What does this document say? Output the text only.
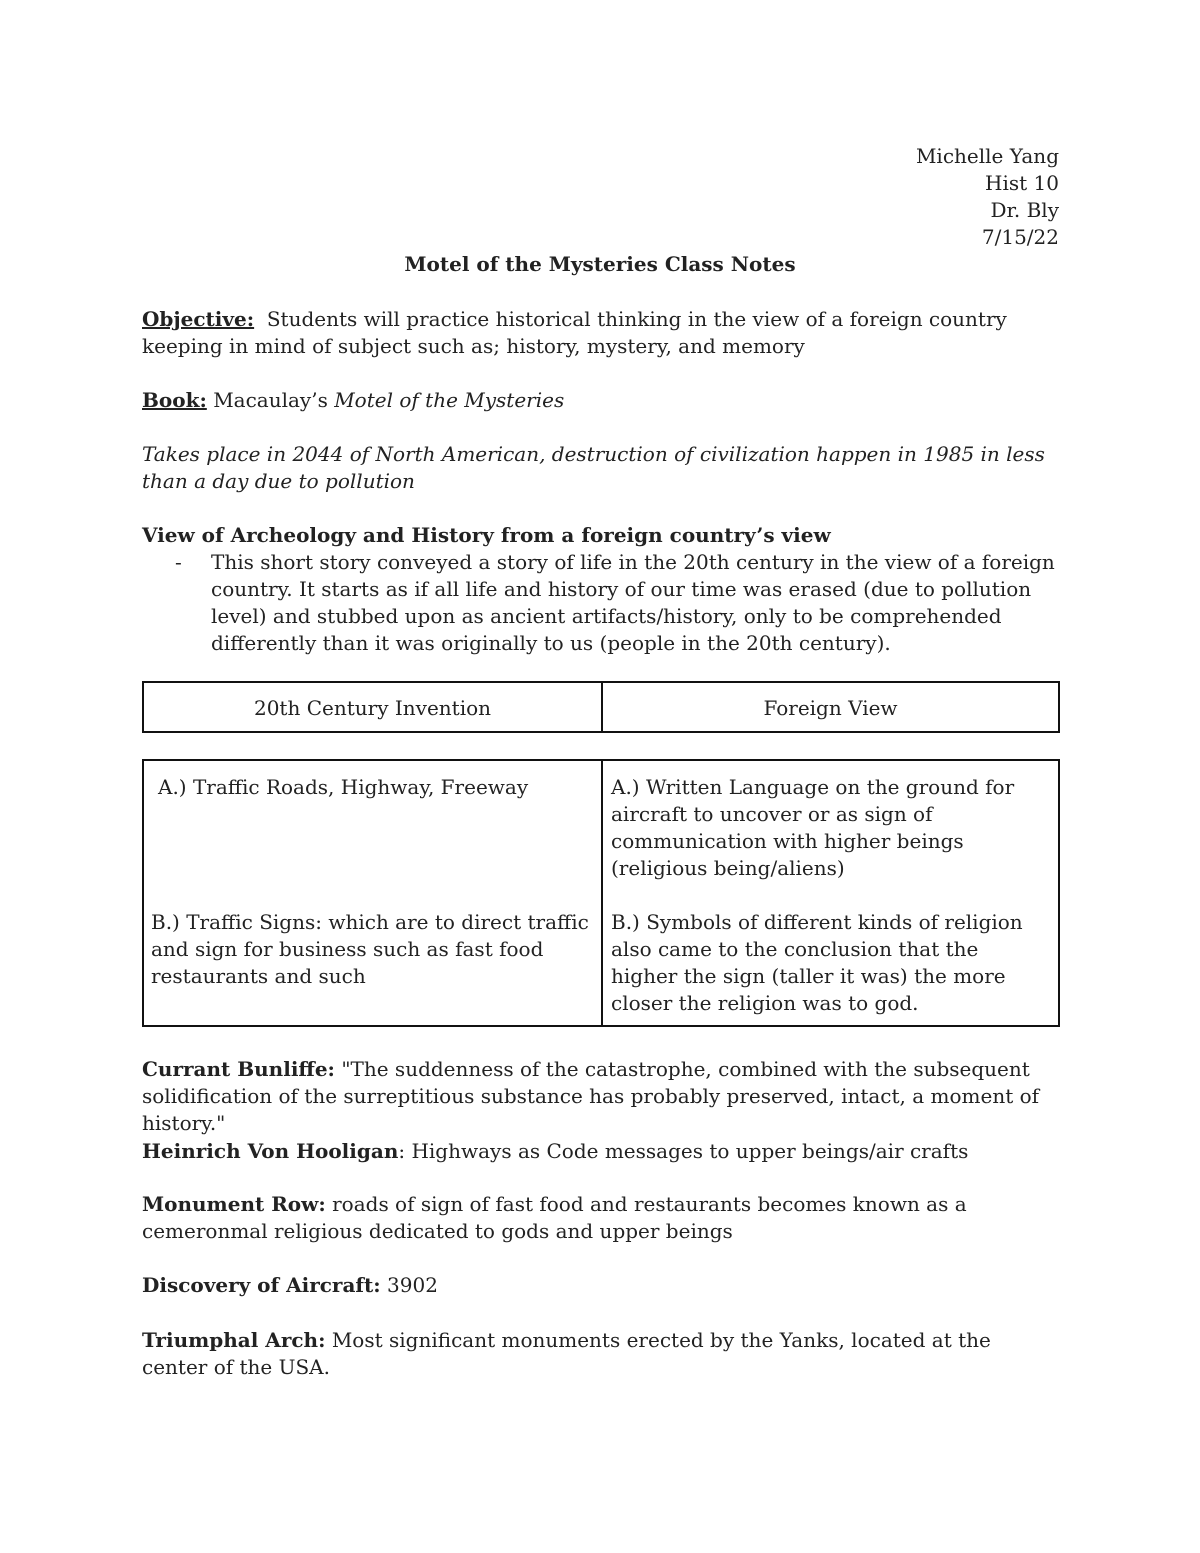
Michelle Yang
Hist 10
Dr. Bly
7/15/22
Motel of the Mysteries Class Notes
Objective: Students will practice historical thinking in the view of a foreign country keeping in mind of subject such as; history, mystery, and memory
Book: Macaulay’s Motel of the Mysteries
Takes place in 2044 of North American, destruction of civilization happen in 1985 in less than a day due to pollution
View of Archeology and History from a foreign country’s view
- This short story conveyed a story of life in the 20th century in the view of a foreign country. It starts as if all life and history of our time was erased (due to pollution level) and stubbed upon as ancient artifacts/history, only to be comprehended differently than it was originally to us (people in the 20th century).
20th Century Invention	Foreign View
A.) Traffic Roads, Highway, Freeway	A.) Written Language on the ground for aircraft to uncover or as sign of communication with higher beings (religious being/aliens)
B.) Traffic Signs: which are to direct traffic and sign for business such as fast food restaurants and such
B.) Symbols of different kinds of religion also came to the conclusion that the higher the sign (taller it was) the more closer the religion was to god.
Currant Bunliffe: "The suddenness of the catastrophe, combined with the subsequent solidification of the surreptitious substance has probably preserved, intact, a moment of history."
Heinrich Von Hooligan: Highways as Code messages to upper beings/air crafts
Monument Row: roads of sign of fast food and restaurants becomes known as a cemeronmal religious dedicated to gods and upper beings
Discovery of Aircraft: 3902
Triumphal Arch: Most significant monuments erected by the Yanks, located at the center of the USA.
